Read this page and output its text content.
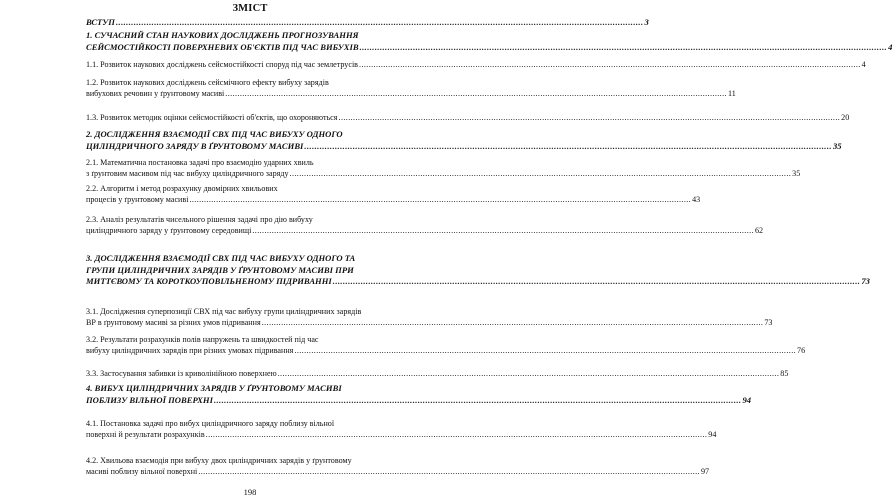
ЗМІСТ
ВСТУП .....	3
1. СУЧАСНИЙ СТАН НАУКОВИХ ДОСЛІДЖЕНЬ ПРОГНОЗУВАННЯ
СЕЙСМОСТІЙКОСТІ ПОВЕРХНЕВИХ ОБ'ЄКТІВ ПІД ЧАС ВИБУХІВ .....	4
1.1. Розвиток наукових досліджень сейсмостійкості споруд під час землетрусів .....	4
1.2. Розвиток наукових досліджень сейсмічного ефекту вибуху зарядів
вибухових речовин у ґрунтовому масиві .....	11
1.3. Розвиток методик оцінки сейсмостійкості об'єктів, що охороняються .....	20
2. ДОСЛІДЖЕННЯ ВЗАЄМОДІЇ СВХ ПІД ЧАС ВИБУХУ ОДНОГО
ЦИЛІНДРИЧНОГО ЗАРЯДУ В ҐРУНТОВОМУ МАСИВІ .....	35
2.1. Математична постановка задачі про взаємодію ударних хвиль
з ґрунтовим масивом під час вибуху циліндричного заряду .....	35
2.2. Алгоритм і метод розрахунку двомірних хвильових
процесів у ґрунтовому масиві .....	43
2.3. Аналіз результатів чисельного рішення задачі про дію вибуху
циліндричного заряду у ґрунтовому середовищі .....	62
3. ДОСЛІДЖЕННЯ ВЗАЄМОДІЇ СВХ ПІД ЧАС ВИБУХУ ОДНОГО ТА
ГРУПИ ЦИЛІНДРИЧНИХ ЗАРЯДІВ У ҐРУНТОВОМУ МАСИВІ ПРИ
МИТТЄВОМУ ТА КОРОТКОУПОВІЛЬНЕНОМУ ПІДРИВАННІ .....	73
3.1. Дослідження суперпозиції СВХ під час вибуху групи циліндричних зарядів
ВР в ґрунтовому масиві за різних умов підривання .....	73
3.2. Результати розрахунків полів напружень та швидкостей під час
вибуху циліндричних зарядів при різних умовах підривання .....	76
3.3. Застосування забивки із криволінійною поверхнею .....	85
4. ВИБУХ ЦИЛІНДРИЧНИХ ЗАРЯДІВ У ҐРУНТОВОМУ МАСИВІ
ПОБЛИЗУ ВІЛЬНОЇ ПОВЕРХНІ .....	94
4.1. Постановка задачі про вибух циліндричного заряду поблизу вільної
поверхні й результати розрахунків .....	94
4.2. Хвильова взаємодія при вибуху двох циліндричних зарядів у ґрунтовому
масиві поблизу вільної поверхні .....	97
198
